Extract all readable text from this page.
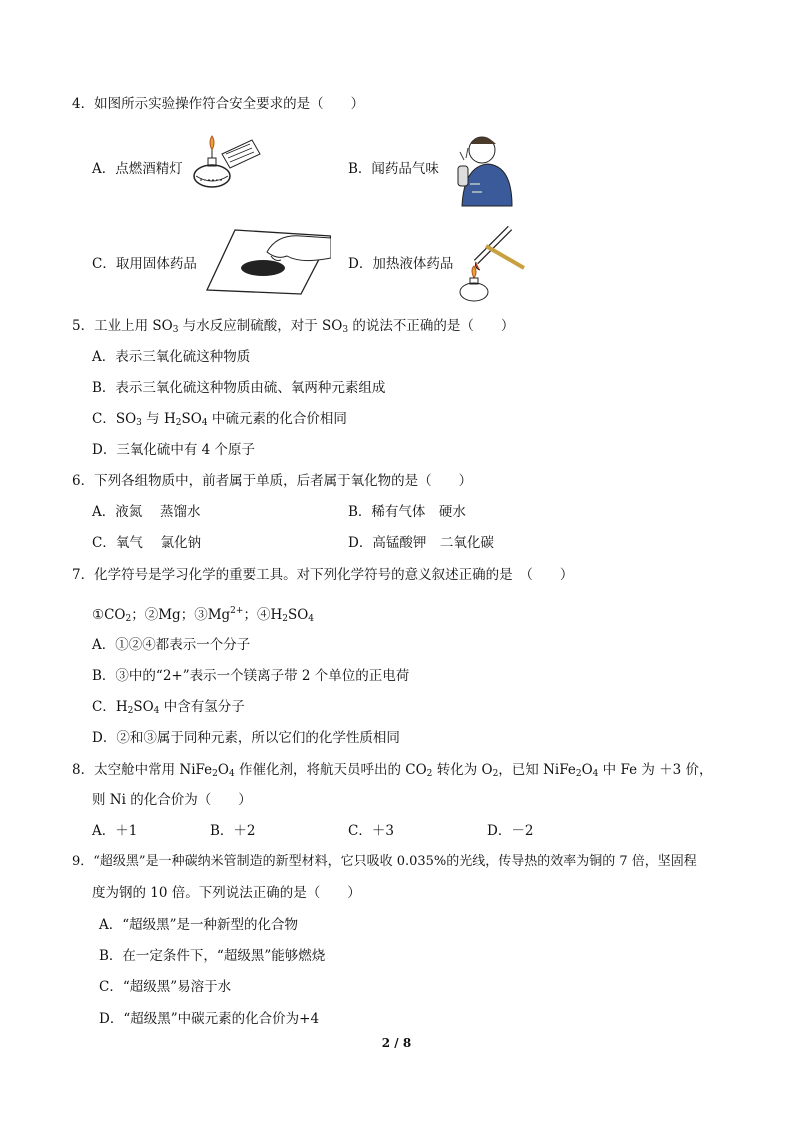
4．如图所示实验操作符合安全要求的是（　　）
A．点燃酒精灯	B．闻药品气味
C．取用固体药品	D．加热液体药品
5．工业上用 $SO_3$ 与水反应制硫酸，对于 $SO_3$ 的说法不正确的是（　　）
A．表示三氧化硫这种物质
B．表示三氧化硫这种物质由硫、氧两种元素组成
C．$SO_3$ 与 $H_2SO_4$ 中硫元素的化合价相同
D．三氧化硫中有 4 个原子
6．下列各组物质中，前者属于单质，后者属于氧化物的是（　　）
A．液氮　 蒸馏水	B．稀有气体　硬水
C．氧气　 氯化钠	D．高锰酸钾　二氧化碳
7．化学符号是学习化学的重要工具。对下列化学符号的意义叙述正确的是　（　　）
$①CO_2$；②Mg；$③Mg^{2+}$；$④H_2SO_4$
A．①②④都表示一个分子
B．③中的“2+”表示一个镁离子带 2 个单位的正电荷
C．$H_2SO_4$ 中含有氢分子
D．②和③属于同种元素，所以它们的化学性质相同
8．太空舱中常用 $NiFe_2O_4$ 作催化剂，将航天员呼出的 $CO_2$ 转化为 $O_2$，已知 $NiFe_2O_4$ 中 Fe 为 ＋3 价，
则 Ni 的化合价为（　　）
A．＋1	B．＋2	C．＋3	D．－2
9．“超级黑”是一种碳纳米管制造的新型材料，它只吸收 0.035%的光线，传导热的效率为铜的 7 倍，坚固程
度为钢的 10 倍。下列说法正确的是（　　）
A．“超级黑”是一种新型的化合物
B．在一定条件下，“超级黑”能够燃烧
C．“超级黑”易溶于水
D．“超级黑”中碳元素的化合价为+4
2 / 8
